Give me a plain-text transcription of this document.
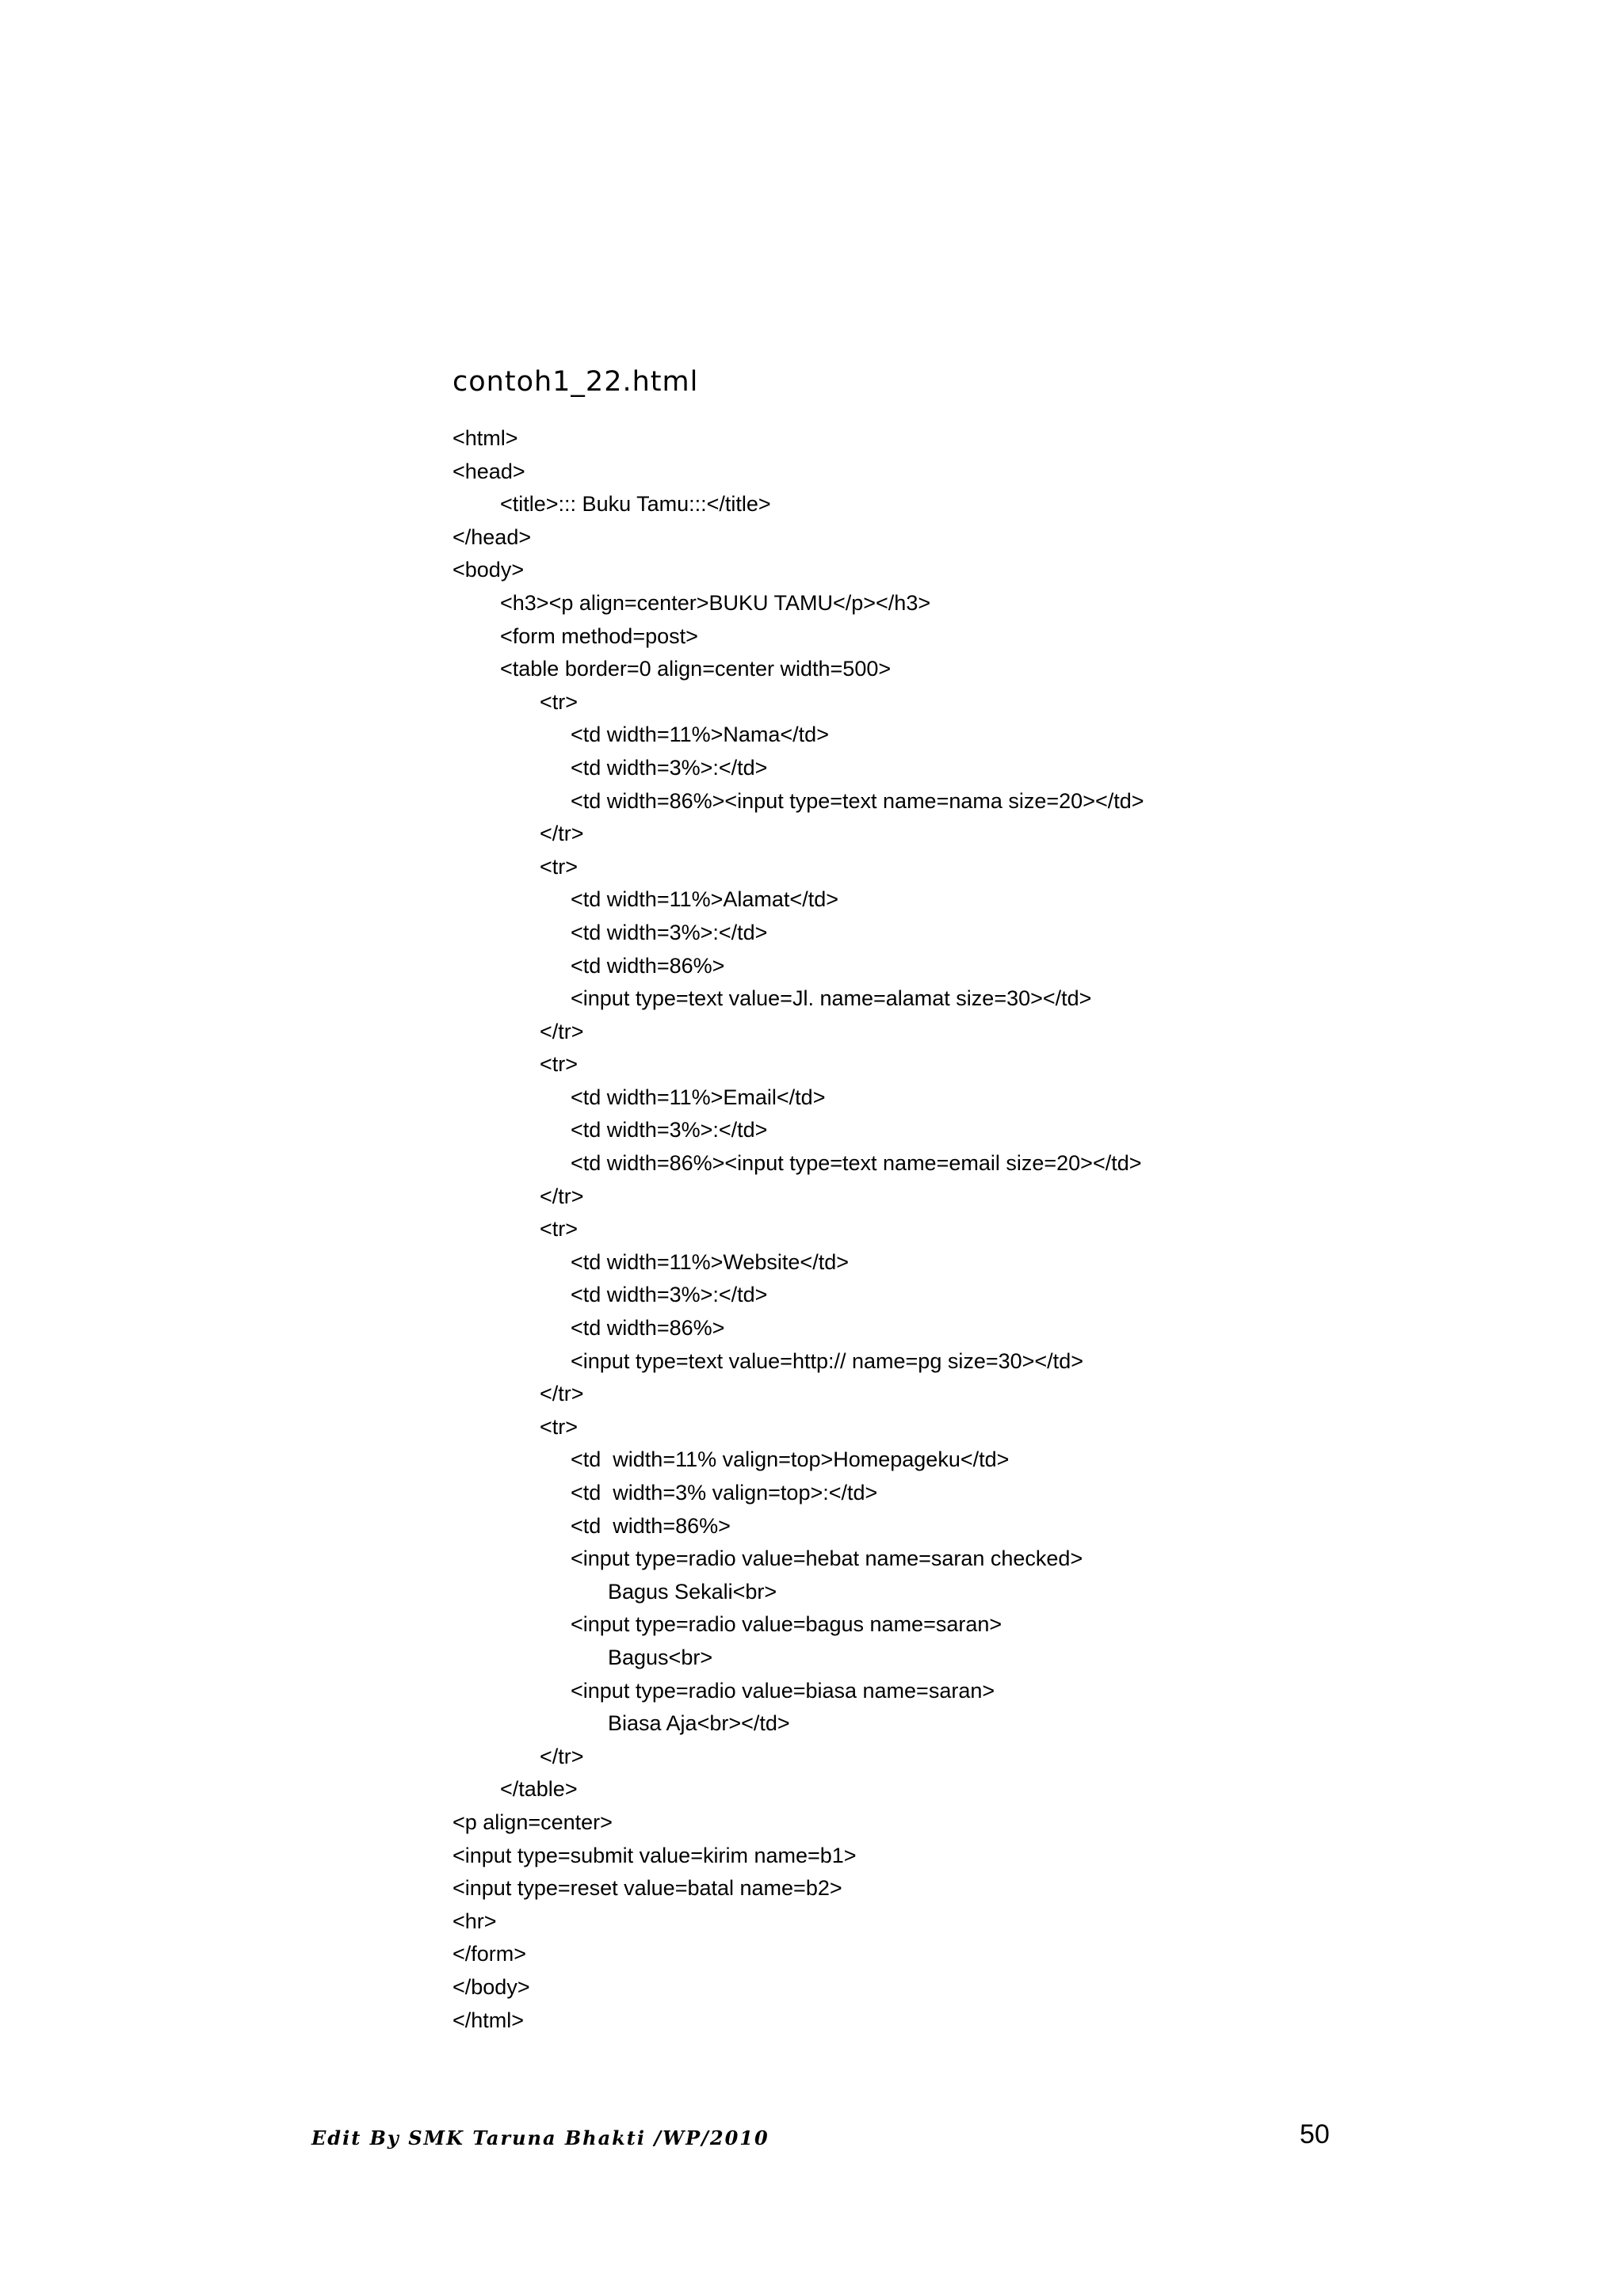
contoh1_22.html
<html>
<head>
<title>::: Buku Tamu:::</title>
</head>
<body>
<h3><p align=center>BUKU TAMU</p></h3>
<form method=post>
<table border=0 align=center width=500>
<tr>
<td width=11%>Nama</td>
<td width=3%>:</td>
<td width=86%><input type=text name=nama size=20></td>
</tr>
<tr>
<td width=11%>Alamat</td>
<td width=3%>:</td>
<td width=86%>
<input type=text value=Jl. name=alamat size=30></td>
</tr>
<tr>
<td width=11%>Email</td>
<td width=3%>:</td>
<td width=86%><input type=text name=email size=20></td>
</tr>
<tr>
<td width=11%>Website</td>
<td width=3%>:</td>
<td width=86%>
<input type=text value=http:// name=pg size=30></td>
</tr>
<tr>
<td  width=11% valign=top>Homepageku</td>
<td  width=3% valign=top>:</td>
<td  width=86%>
<input type=radio value=hebat name=saran checked>
Bagus Sekali<br>
<input type=radio value=bagus name=saran>
Bagus<br>
<input type=radio value=biasa name=saran>
Biasa Aja<br></td>
</tr>
</table>
<p align=center>
<input type=submit value=kirim name=b1>
<input type=reset value=batal name=b2>
<hr>
</form>
</body>
</html>
Edit By SMK Taruna Bhakti /WP/2010	50
